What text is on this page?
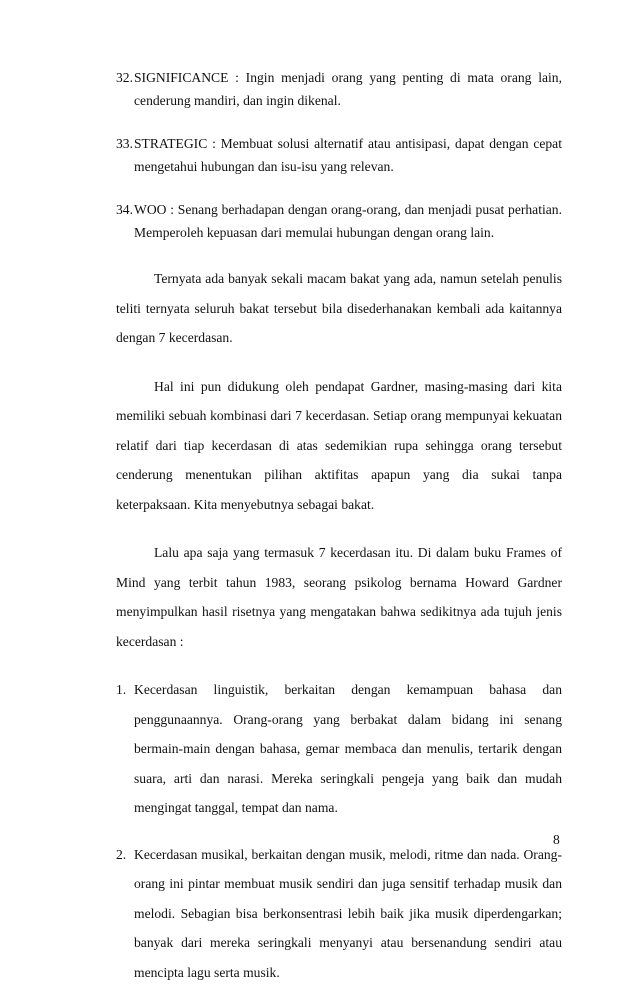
32. SIGNIFICANCE : Ingin menjadi orang yang penting di mata orang lain, cenderung mandiri, dan ingin dikenal.
33. STRATEGIC : Membuat solusi alternatif atau antisipasi, dapat dengan cepat mengetahui hubungan dan isu-isu yang relevan.
34. WOO : Senang berhadapan dengan orang-orang, dan menjadi pusat perhatian. Memperoleh kepuasan dari memulai hubungan dengan orang lain.

Ternyata ada banyak sekali macam bakat yang ada, namun setelah penulis teliti ternyata seluruh bakat tersebut bila disederhanakan kembali ada kaitannya dengan 7 kecerdasan.

Hal ini pun didukung oleh pendapat Gardner, masing-masing dari kita memiliki sebuah kombinasi dari 7 kecerdasan. Setiap orang mempunyai kekuatan relatif dari tiap kecerdasan di atas sedemikian rupa sehingga orang tersebut cenderung menentukan pilihan aktifitas apapun yang dia sukai tanpa keterpaksaan. Kita menyebutnya sebagai bakat.

Lalu apa saja yang termasuk 7 kecerdasan itu. Di dalam buku Frames of Mind yang terbit tahun 1983, seorang psikolog bernama Howard Gardner menyimpulkan hasil risetnya yang mengatakan bahwa sedikitnya ada tujuh jenis kecerdasan :

1. Kecerdasan linguistik, berkaitan dengan kemampuan bahasa dan penggunaannya. Orang-orang yang berbakat dalam bidang ini senang bermain-main dengan bahasa, gemar membaca dan menulis, tertarik dengan suara, arti dan narasi. Mereka seringkali pengeja yang baik dan mudah mengingat tanggal, tempat dan nama.
2. Kecerdasan musikal, berkaitan dengan musik, melodi, ritme dan nada. Orang-orang ini pintar membuat musik sendiri dan juga sensitif terhadap musik dan melodi. Sebagian bisa berkonsentrasi lebih baik jika musik diperdengarkan; banyak dari mereka seringkali menyanyi atau bersenandung sendiri atau mencipta lagu serta musik.
8
